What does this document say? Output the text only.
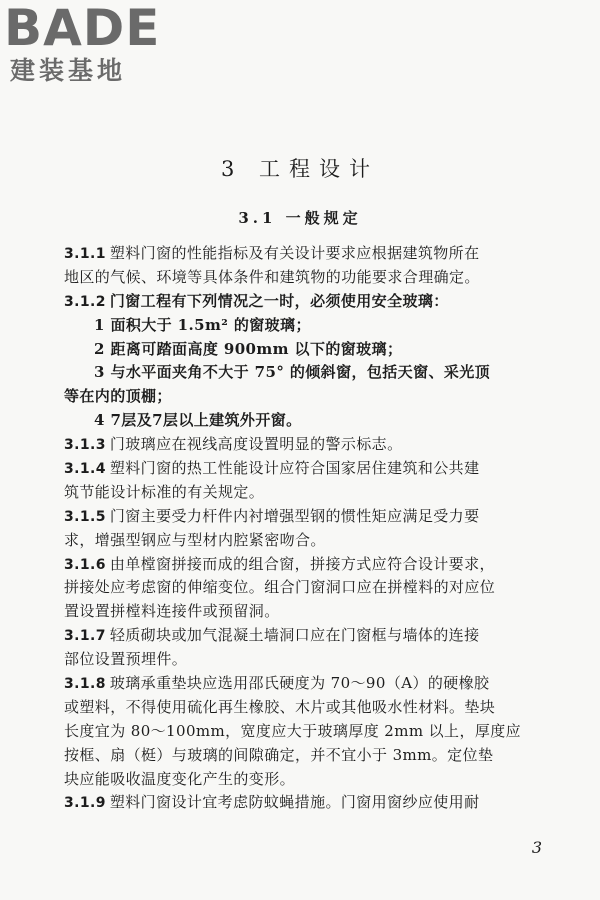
BADE
建装基地
3 工程设计
3.1 一般规定
3.1.1 塑料门窗的性能指标及有关设计要求应根据建筑物所在
地区的气候、环境等具体条件和建筑物的功能要求合理确定。
3.1.2 门窗工程有下列情况之一时，必须使用安全玻璃：
1 面积大于 1.5m² 的窗玻璃；
2 距离可踏面高度 900mm 以下的窗玻璃；
3 与水平面夹角不大于 75° 的倾斜窗，包括天窗、采光顶
等在内的顶棚；
4 7层及7层以上建筑外开窗。
3.1.3 门玻璃应在视线高度设置明显的警示标志。
3.1.4 塑料门窗的热工性能设计应符合国家居住建筑和公共建
筑节能设计标准的有关规定。
3.1.5 门窗主要受力杆件内衬增强型钢的惯性矩应满足受力要
求，增强型钢应与型材内腔紧密吻合。
3.1.6 由单樘窗拼接而成的组合窗，拼接方式应符合设计要求，
拼接处应考虑窗的伸缩变位。组合门窗洞口应在拼樘料的对应位
置设置拼樘料连接件或预留洞。
3.1.7 轻质砌块或加气混凝土墙洞口应在门窗框与墙体的连接
部位设置预埋件。
3.1.8 玻璃承重垫块应选用邵氏硬度为 70～90（A）的硬橡胶
或塑料，不得使用硫化再生橡胶、木片或其他吸水性材料。垫块
长度宜为 80～100mm，宽度应大于玻璃厚度 2mm 以上，厚度应
按框、扇（梃）与玻璃的间隙确定，并不宜小于 3mm。定位垫
块应能吸收温度变化产生的变形。
3.1.9 塑料门窗设计宜考虑防蚊蝇措施。门窗用窗纱应使用耐
3
